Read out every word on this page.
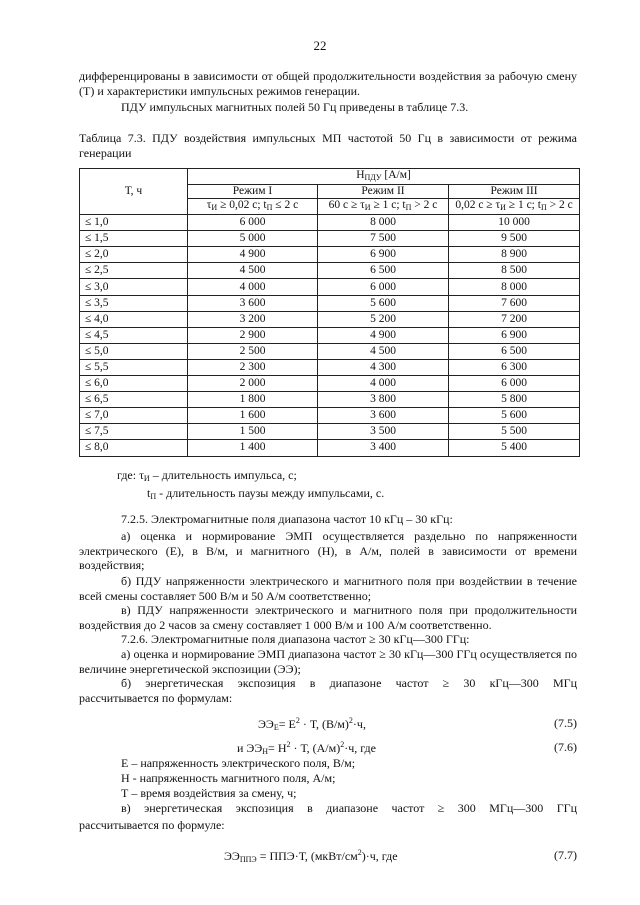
22
дифференцированы в зависимости от общей продолжительности воздействия за рабочую смену (Т) и характеристики импульсных режимов генерации.
ПДУ импульсных магнитных полей 50 Гц приведены в таблице 7.3.
Таблица 7.3. ПДУ воздействия импульсных МП частотой 50 Гц в зависимости от режима генерации
Т, ч	$Н_{ПДУ}$ [А/м]		
	Режим I	Режим II	Режим III
	$\tau_И \ge 0,02$ с; $t_П \le 2$ с	60 $с \ge \tau_И \ge 1$ с; $t_П > 2$ с	0,02 $с \ge \tau_И \ge 1$ с; $t_П > 2$ с
≤ 1,0	6 000	8 000	10 000
≤ 1,5	5 000	7 500	9 500
≤ 2,0	4 900	6 900	8 900
≤ 2,5	4 500	6 500	8 500
≤ 3,0	4 000	6 000	8 000
≤ 3,5	3 600	5 600	7 600
≤ 4,0	3 200	5 200	7 200
≤ 4,5	2 900	4 900	6 900
≤ 5,0	2 500	4 500	6 500
≤ 5,5	2 300	4 300	6 300
≤ 6,0	2 000	4 000	6 000
≤ 6,5	1 800	3 800	5 800
≤ 7,0	1 600	3 600	5 600
≤ 7,5	1 500	3 500	5 500
≤ 8,0	1 400	3 400	5 400
где: $\tau_И$ – длительность импульса, с;
$t_П$ - длительность паузы между импульсами, с.
7.2.5. Электромагнитные поля диапазона частот 10 кГц – 30 кГц:
а) оценка и нормирование ЭМП осуществляется раздельно по напряженности электрического (Е), в В/м, и магнитного (Н), в А/м, полей в зависимости от времени воздействия;
б) ПДУ напряженности электрического и магнитного поля при воздействии в течение всей смены составляет 500 В/м и 50 А/м соответственно;
в) ПДУ напряженности электрического и магнитного поля при продолжительности воздействия до 2 часов за смену составляет 1 000 В/м и 100 А/м соответственно.
7.2.6. Электромагнитные поля диапазона частот ≥ 30 кГц—300 ГГц:
а) оценка и нормирование ЭМП диапазона частот ≥ 30 кГц—300 ГГц осуществляется по величине энергетической экспозиции (ЭЭ);
б) энергетическая экспозиция в диапазоне частот ≥ 30 кГц—300 МГц
рассчитывается по формулам:
$ЭЭ_Е= Е^2 \cdot Т$, $(В/м)^2\cdot ч$,	(7.5)
и $ЭЭ_Н= Н^2 \cdot Т$, $(А/м)^2\cdot ч$, где	(7.6)
Е – напряженность электрического поля, В/м;
Н - напряженность магнитного поля, А/м;
Т – время воздействия за смену, ч;
в) энергетическая экспозиция в диапазоне частот ≥ 300 МГц—300 ГГц
рассчитывается по формуле:
$ЭЭ_{ППЭ} = ППЭ\cdot Т$, $(мкВт/см^2)\cdot ч$, где	(7.7)
